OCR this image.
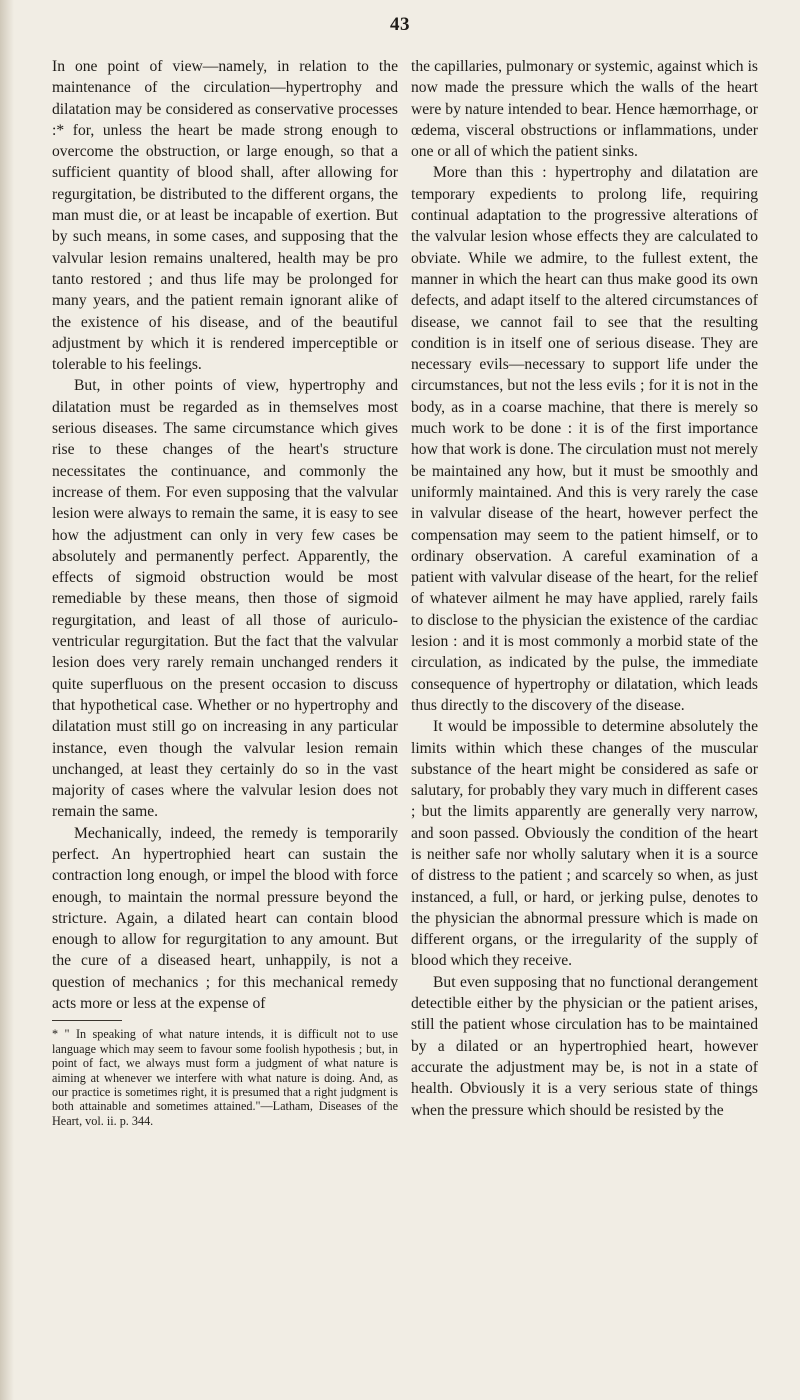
43

In one point of view—namely, in relation to the maintenance of the circulation—hypertrophy and dilatation may be considered as conservative processes :* for, unless the heart be made strong enough to overcome the obstruction, or large enough, so that a sufficient quantity of blood shall, after allowing for regurgitation, be distributed to the different organs, the man must die, or at least be incapable of exertion. But by such means, in some cases, and supposing that the valvular lesion remains unaltered, health may be pro tanto restored ; and thus life may be prolonged for many years, and the patient remain ignorant alike of the existence of his disease, and of the beautiful adjustment by which it is rendered imperceptible or tolerable to his feelings.

But, in other points of view, hypertrophy and dilatation must be regarded as in themselves most serious diseases. The same circumstance which gives rise to these changes of the heart's structure necessitates the continuance, and commonly the increase of them. For even supposing that the valvular lesion were always to remain the same, it is easy to see how the adjustment can only in very few cases be absolutely and permanently perfect. Apparently, the effects of sigmoid obstruction would be most remediable by these means, then those of sigmoid regurgitation, and least of all those of auriculo-ventricular regurgitation. But the fact that the valvular lesion does very rarely remain unchanged renders it quite superfluous on the present occasion to discuss that hypothetical case. Whether or no hypertrophy and dilatation must still go on increasing in any particular instance, even though the valvular lesion remain unchanged, at least they certainly do so in the vast majority of cases where the valvular lesion does not remain the same.

Mechanically, indeed, the remedy is temporarily perfect. An hypertrophied heart can sustain the contraction long enough, or impel the blood with force enough, to maintain the normal pressure beyond the stricture. Again, a dilated heart can contain blood enough to allow for regurgitation to any amount. But the cure of a diseased heart, unhappily, is not a question of mechanics ; for this mechanical remedy acts more or less at the expense of

* " In speaking of what nature intends, it is difficult not to use language which may seem to favour some foolish hypothesis ; but, in point of fact, we always must form a judgment of what nature is aiming at whenever we interfere with what nature is doing. And, as our practice is sometimes right, it is presumed that a right judgment is both attainable and sometimes attained."—Latham, Diseases of the Heart, vol. ii. p. 344.

the capillaries, pulmonary or systemic, against which is now made the pressure which the walls of the heart were by nature intended to bear. Hence hæmorrhage, or œdema, visceral obstructions or inflammations, under one or all of which the patient sinks.

More than this : hypertrophy and dilatation are temporary expedients to prolong life, requiring continual adaptation to the progressive alterations of the valvular lesion whose effects they are calculated to obviate. While we admire, to the fullest extent, the manner in which the heart can thus make good its own defects, and adapt itself to the altered circumstances of disease, we cannot fail to see that the resulting condition is in itself one of serious disease. They are necessary evils—necessary to support life under the circumstances, but not the less evils ; for it is not in the body, as in a coarse machine, that there is merely so much work to be done : it is of the first importance how that work is done. The circulation must not merely be maintained any how, but it must be smoothly and uniformly maintained. And this is very rarely the case in valvular disease of the heart, however perfect the compensation may seem to the patient himself, or to ordinary observation. A careful examination of a patient with valvular disease of the heart, for the relief of whatever ailment he may have applied, rarely fails to disclose to the physician the existence of the cardiac lesion : and it is most commonly a morbid state of the circulation, as indicated by the pulse, the immediate consequence of hypertrophy or dilatation, which leads thus directly to the discovery of the disease.

It would be impossible to determine absolutely the limits within which these changes of the muscular substance of the heart might be considered as safe or salutary, for probably they vary much in different cases ; but the limits apparently are generally very narrow, and soon passed. Obviously the condition of the heart is neither safe nor wholly salutary when it is a source of distress to the patient ; and scarcely so when, as just instanced, a full, or hard, or jerking pulse, denotes to the physician the abnormal pressure which is made on different organs, or the irregularity of the supply of blood which they receive.

But even supposing that no functional derangement detectible either by the physician or the patient arises, still the patient whose circulation has to be maintained by a dilated or an hypertrophied heart, however accurate the adjustment may be, is not in a state of health. Obviously it is a very serious state of things when the pressure which should be resisted by the
